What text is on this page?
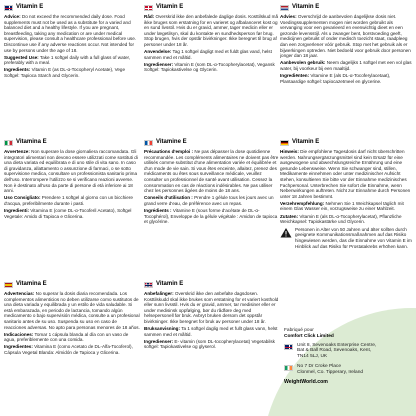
Vitamin E
Advice: Do not exceed the recommended daily dose. Food supplements must not be used as a substitute for a varied and balanced diet and a healthy lifestyle. If you are pregnant, breastfeeding, taking any medication or are under medical supervision, please consult a healthcare professional before use. Discontinue use if any adverse reactions occur. Not intended for use by persons under the age of 18.
Suggested Use: Take 1 softgel daily with a full glass of water, preferably with a meal.
Ingredients: Vitamin E (as DL-α-Tocopheryl Acetate), Vege Softgel: Tapioca Starch and Glycerin.
Vitamin E
Råd: Overskrid ikke den anbefalede daglige dosis. Kosttilskud må ikke bruges som erstatning for en varieret og afbalanceret kost og en sund livsstil. Hvis du er gravid, ammer, tager medicin eller er under lægetilsyn, skal du kontakte en sundhedsperson før brug. Stop brugen, hvis der opstår bivirkninger. Ikke beregnet til brug af personer under 18 år.
Anvendelse: Tag 1 softgel dagligt med et fuldt glas vand, helst sammen med et måltid.
Ingredienser: Vitamin E (som DL-α-Tocopherylacetat), Vegansk Softgel: Tapiokastivelse og Glycerin.
Vitamin E
Advies: Overschrijd de aanbevolen dagelijkse dosis niet. Voedingssupplementen mogen niet worden gebruikt als vervanging voor een gevarieerd en evenwichtig dieet en een gezonde levensstijl. Als u zwanger bent, borstvoeding geeft, medicijnen gebruikt of onder medisch toezicht staat, raadpleeg dan een zorgverlener vóór gebruik. Stop met het gebruik als er bijwerkingen optreden. Niet bedoeld voor gebruik door personen jonger dan 18 jaar.
Aanbevolen gebruik: Neem dagelijks 1 softgel met een vol glas water, bij voorkeur bij een maaltijd.
Ingrediënten: Vitamine E (als DL-α-Tocoferylacetaat), Plantaardige softgel: tapiocazetmeel en glycerine.
Vitamina E
Avvertenze: Non superare la dose giornaliera raccomandata. Gli integratori alimentari non devono essere utilizzati come sostituti di una dieta variata ed equilibrata e di uno stile di vita sano. In caso di gravidanza, allattamento o assunzione di farmaci, o se sotto supervisione medica, consultare un professionista sanitario prima dell'uso. Interrompere l'utilizzo se si verificano reazioni avverse. Non è destinato all'uso da parte di persone di età inferiore ai 18 anni.
Uso Consigliato: Prendere 1 softgel al giorno con un bicchiere d'acqua, preferibilmente durante i pasti.
Ingredienti: Vitamina E (come DL-α-Tocoferil Acetato), Softgel Vegetale: Amido di Tapioca e Glicerina.
Vitamine E
Précautions d'emploi : Ne pas dépasser la dose quotidienne recommandée. Les compléments alimentaires ne doivent pas être utilisés comme substitut d'une alimentation variée et équilibrée et d'un mode de vie sain. Si vous êtes enceinte, allaitez, prenez des médicaments ou êtes sous surveillance médicale, veuillez consulter un professionnel de santé avant utilisation. Cessez la consommation en cas de réactions indésirables. Ne pas utiliser chez les personnes âgées de moins de 18 ans.
Conseils d'utilisation : Prendre 1 gélule tous les jours avec un grand verre d'eau, de préférence avec un repas.
Ingrédients : Vitamine E (sous forme d'acétate de DL-α-Tocophérol), Enveloppe de la gélule végétale : Amidon de tapioca et glycérine.
Vitamin E
Hinweis: Die empfohlene Tagesdosis darf nicht überschritten werden. Nahrungsergänzungsmittel sind kein Ersatz für eine ausgewogene und abwechslungsreiche Ernährung und eine gesunde Lebensweise. Wenn Sie schwanger sind, stillen, Medikamente einnehmen oder unter medizinischer Aufsicht stehen, konsultieren Sie bitte vor der Einnahme medizinisches Fachpersonal. Unterbrechen Sie sofort die Einnahme, wenn Nebenwirkungen auftreten. Nicht zur Einnahme durch Personen unter 18 Jahren bestimmt.
Verzehrempfehlung: Nehmen Sie 1 Weichkapsel täglich mit einem Glas Wasser ein, vorzugsweise zu einer Mahlzeit.
Zutaten: Vitamin E (als DL-α-Tocopherylacetat), Pflanzliche Weichkapsel: Tapiokastärke und Glycerin.
Personen in Alter von 50 Jahren und älter sollten durch geeignete Kommunikationsmaßnahmen auf das Risiko hingewiesen werden, das die Einnahme von Vitamin E im Hinblick auf das Risiko für Prostatakrebs erhöhen kann.
Vitamina E
Advertencias: No superar la dosis diaria recomendada. Los complementos alimenticios no deben utilizarse como sustitutos de una dieta variada y equilibrada y un estilo de vida saludable. Si está embarazada, en periodo de lactancia, tomando algún medicamento o bajo supervisión médica, consulte a un profesional sanitario antes de su uso. Suspenda su uso en caso de reacciones adversas. No apto para personas menores de 18 años.
Indicaciones: Tomar 1 cápsula blanda al día con un vaso de agua, preferiblemente con una comida.
Ingredientes: Vitamina E (como Acetato de DL-Alfa-Tocoferol), Cápsula Vegetal Blanda: Almidón de Tapioca y Glicerina.
Vitamin E
Anbefalinger: Overskrid ikke den anbefalte dagsdosen. Kosttilskudd skal ikke brukes som erstatning for et variert kosthold eller sunn livsstil. Hvis du er gravid, ammer, tar medisiner eller er under medisinsk oppfølging, bør du rådføre deg med helsepersonell før bruk. Avbryt bruken dersom det oppstår bivirkninger. Ikke beregnet for bruk av personer under 18 år.
Bruksanvisning: Ta 1 softgel daglig med et fullt glass vann, helst sammen med et måltid.
Ingredienser: E- vitamin (som DL-tocopherylacetat) Vegetabilsk softgel: Tapiokastivelse og glyserol.
Fabriqué pour
Comfort Click Limited
Unit 8, Sevenoaks Enterprise Centre,
Bat & Ball Road, Sevenoaks, Kent,
TN14 5LJ, UK
No 7 Dr Croke Place
Clonmel, Co. Tipperary, Ireland
WeightWorld.com
